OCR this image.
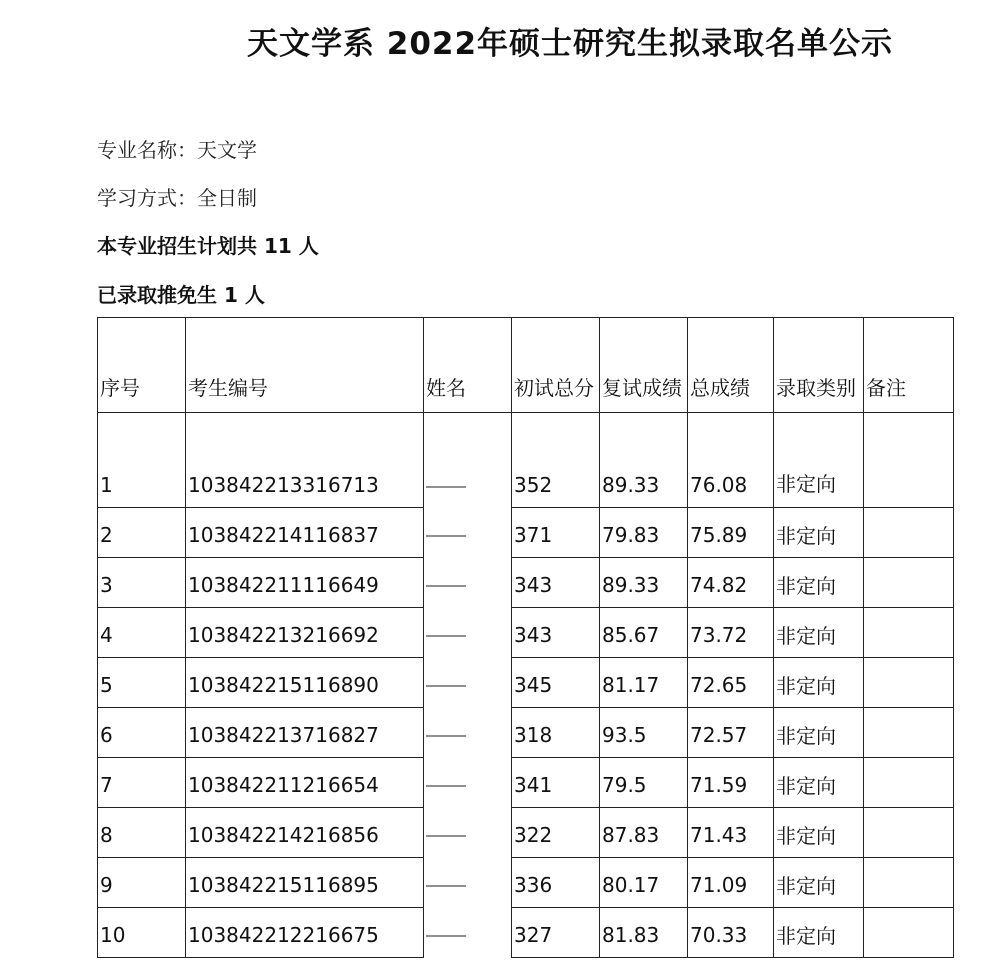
天文学系 2022年硕士研究生拟录取名单公示
专业名称：天文学
学习方式：全日制
本专业招生计划共 11 人
已录取推免生 1 人
序号	考生编号	姓名	初试总分	复试成绩	总成绩	录取类别	备注
1	103842213316713		352	89.33	76.08	非定向	
2	103842214116837		371	79.83	75.89	非定向	
3	103842211116649		343	89.33	74.82	非定向	
4	103842213216692		343	85.67	73.72	非定向	
5	103842215116890		345	81.17	72.65	非定向	
6	103842213716827		318	93.5	72.57	非定向	
7	103842211216654		341	79.5	71.59	非定向	
8	103842214216856		322	87.83	71.43	非定向	
9	103842215116895		336	80.17	71.09	非定向	
10	103842212216675		327	81.83	70.33	非定向	
